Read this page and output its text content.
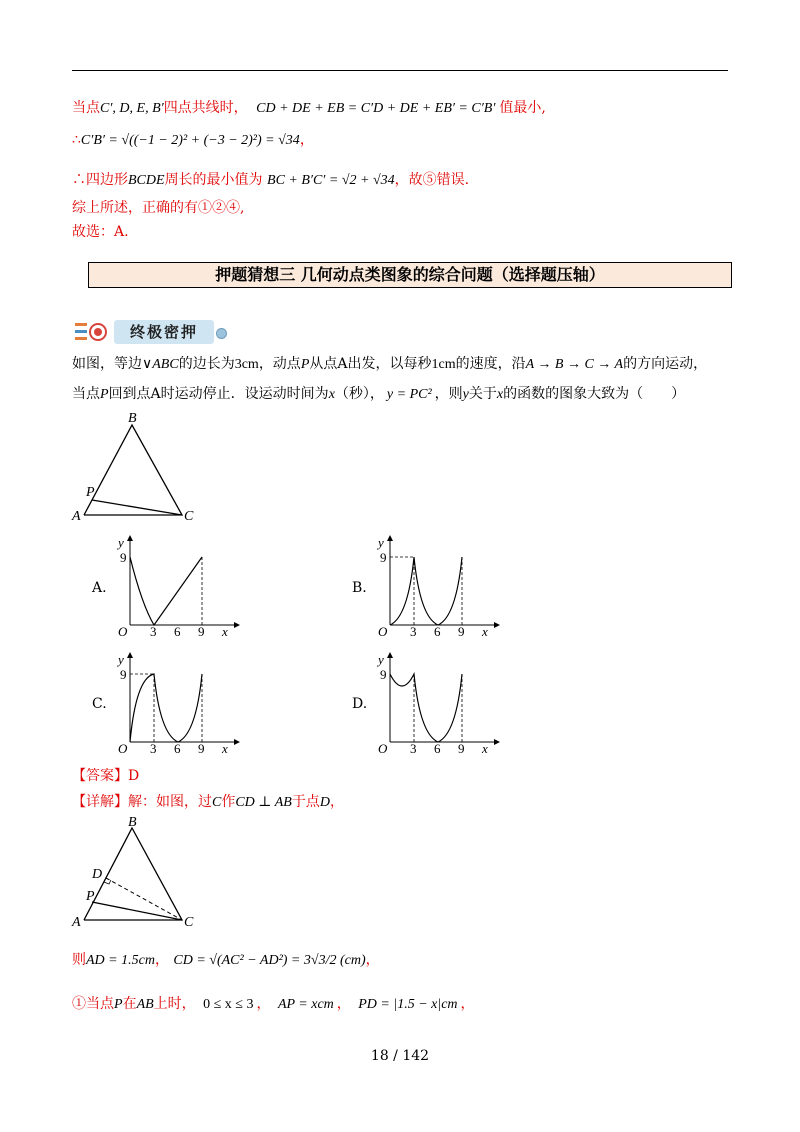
当点C′, D, E, B′四点共线时， CD + DE + EB = C′D + DE + EB′ = C′B′ 值最小,
∴C′B′ = √((−1 − 2)² + (−3 − 2)²) = √34，
∴四边形BCDE周长的最小值为 BC + B′C′ = √2 + √34，故⑤错误.
综上所述，正确的有①②④,
故选：A.
押题猜想三 几何动点类图象的综合问题（选择题压轴）
终极密押
如图，等边∨ABC的边长为3cm，动点P从点A出发，以每秒1cm的速度，沿A → B → C → A的方向运动，
当点P回到点A时运动停止．设运动时间为x（秒）， y = PC² ，则y关于x的函数的图象大致为（　　）
B
A	C
P
A.	B.
C.	D.
y
9
O 3 6 9 x
y
9
O 3 6 9 x
y
9
O 3 6 9 x
y
9
O 3 6 9 x
【答案】D
【详解】解：如图，过C作CD ⊥ AB于点D，
B
A	C
D
P
则AD = 1.5cm， CD = √(AC² − AD²) = 3√3/2 (cm)，
①当点P在AB上时， 0 ≤ x ≤ 3 ， AP = xcm ， PD = |1.5 − x|cm ，
18 / 142
